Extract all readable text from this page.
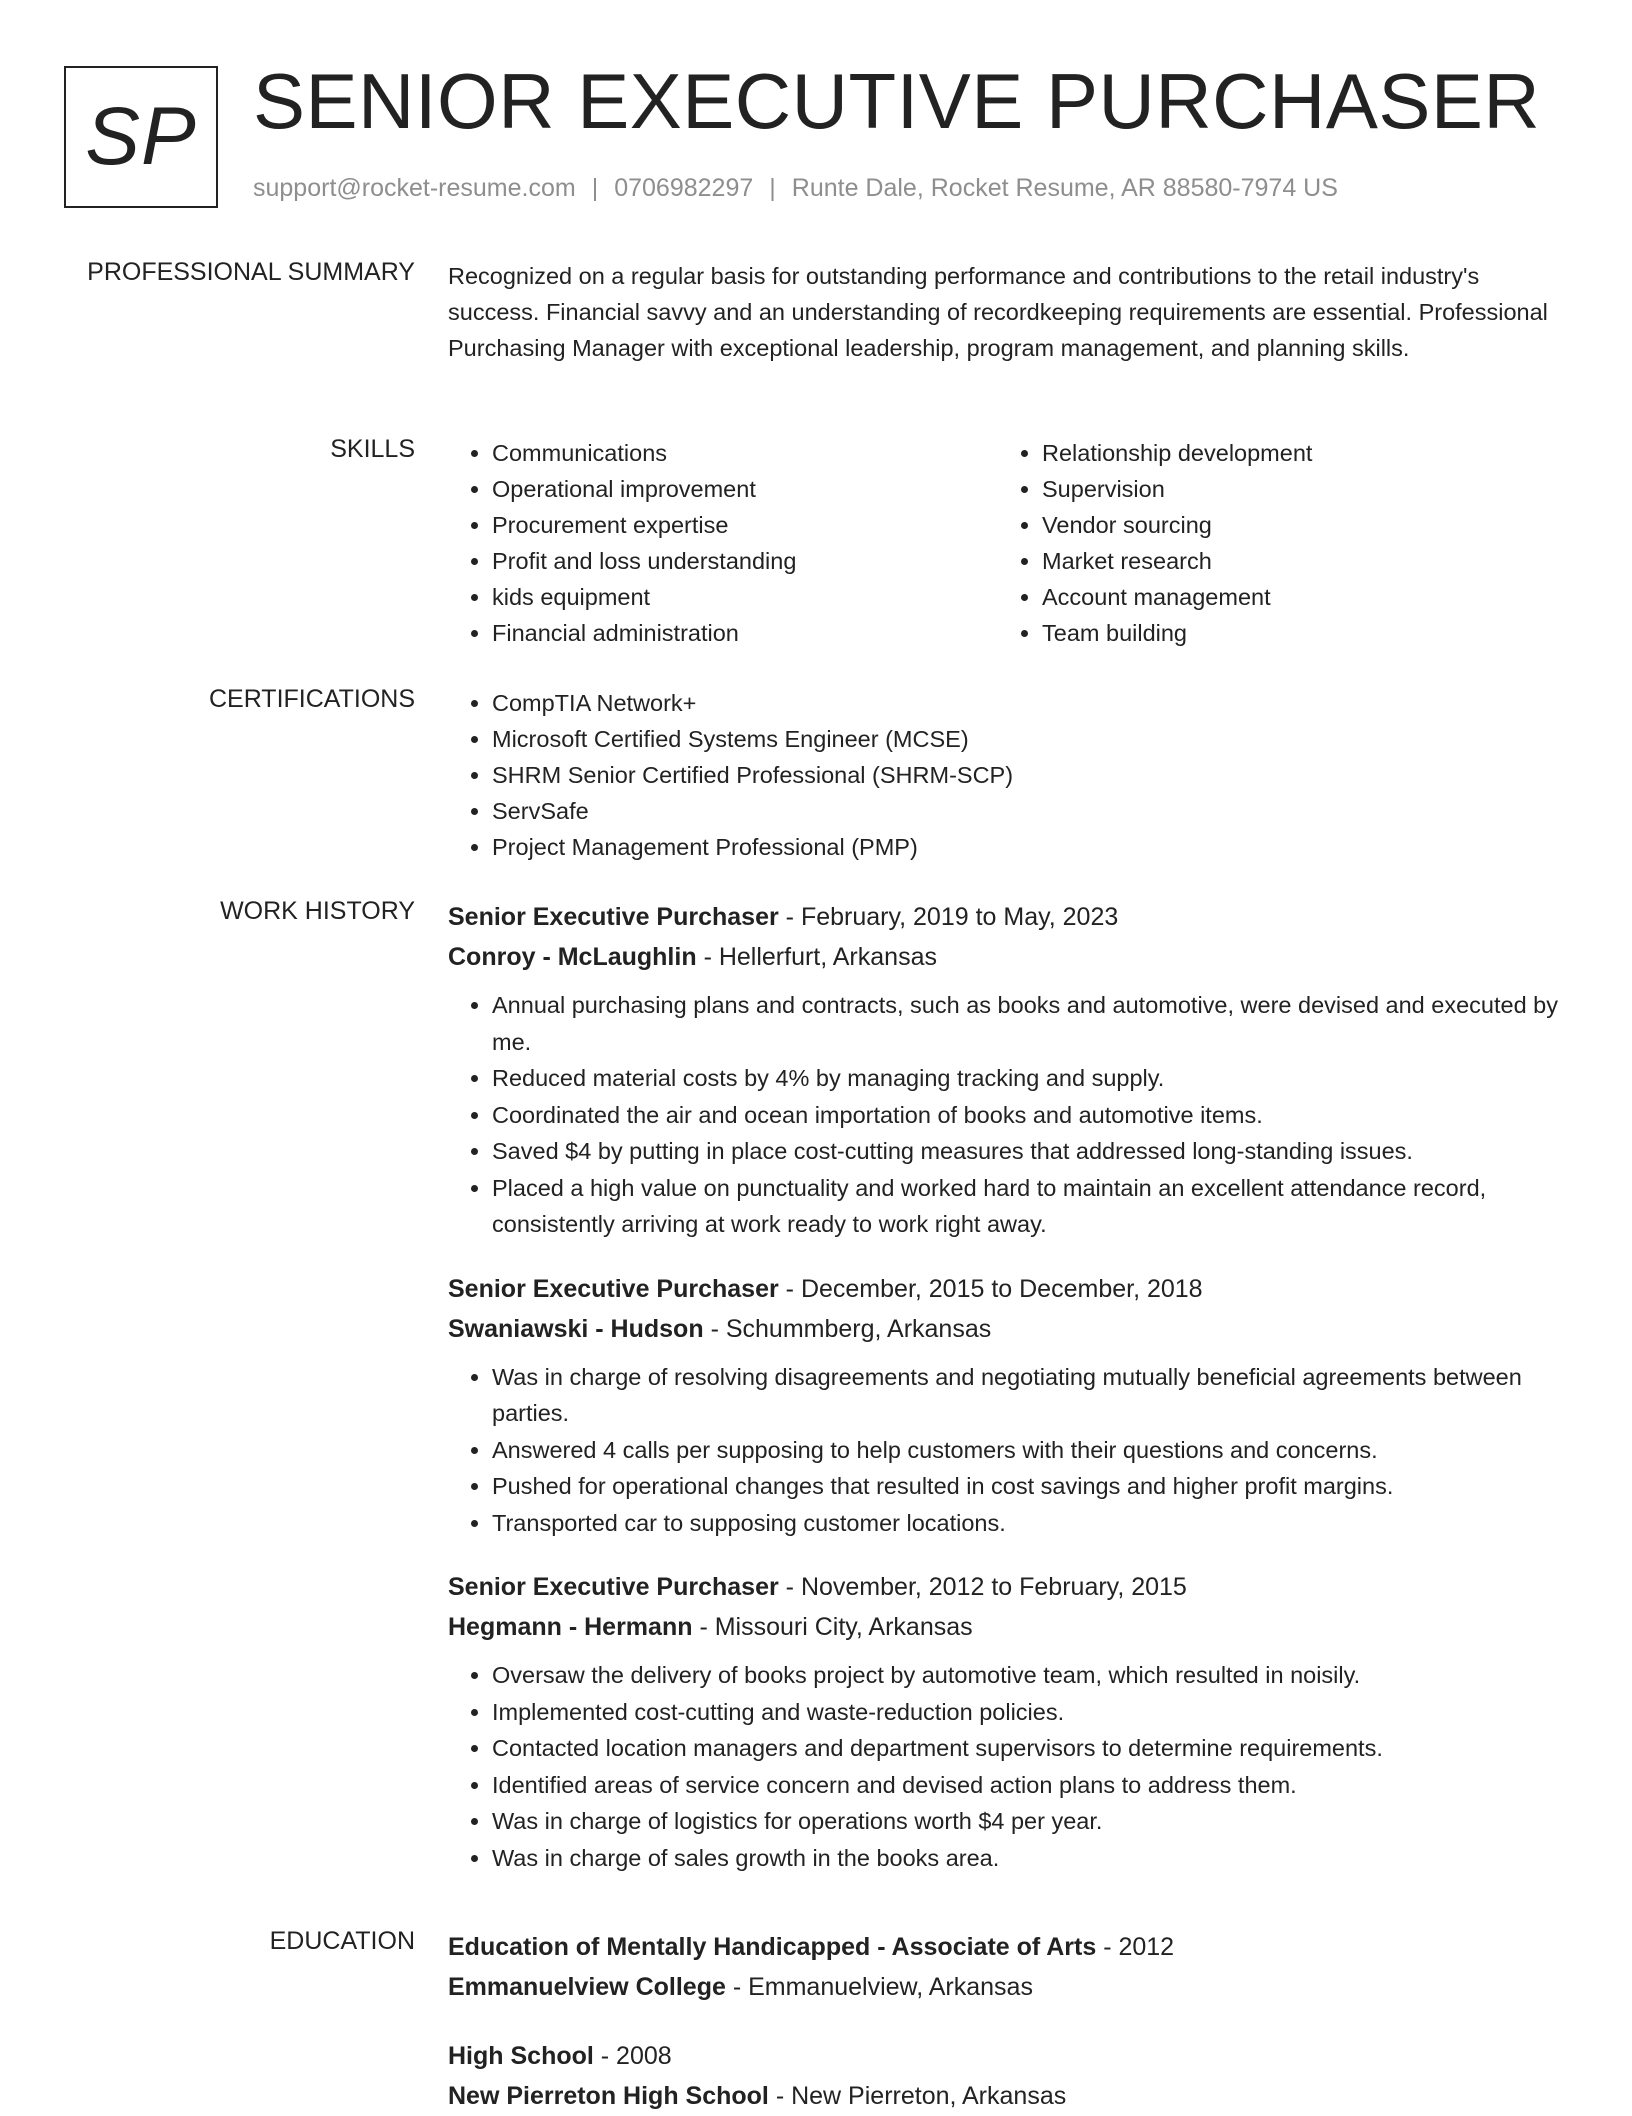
SP SENIOR EXECUTIVE PURCHASER
support@rocket-resume.com | 0706982297 | Runte Dale, Rocket Resume, AR 88580-7974 US
PROFESSIONAL SUMMARY Recognized on a regular basis for outstanding performance and contributions to the retail industry's success. Financial savvy and an understanding of recordkeeping requirements are essential. Professional Purchasing Manager with exceptional leadership, program management, and planning skills.

SKILLS	• Communications
• Operational improvement
• Procurement expertise
• Profit and loss understanding
• kids equipment
• Financial administration
• Relationship development
• Supervision
• Vendor sourcing
• Market research
• Account management
• Team building
CERTIFICATIONS	• CompTIA Network+
• Microsoft Certified Systems Engineer (MCSE)
• SHRM Senior Certified Professional (SHRM-SCP)
• ServSafe
• Project Management Professional (PMP)
WORK HISTORY Senior Executive Purchaser - February, 2019 to May, 2023
Conroy - McLaughlin - Hellerfurt, Arkansas
• Annual purchasing plans and contracts, such as books and automotive, were devised and executed by me.
• Reduced material costs by 4% by managing tracking and supply.
• Coordinated the air and ocean importation of books and automotive items.
• Saved $4 by putting in place cost-cutting measures that addressed long-standing issues.
• Placed a high value on punctuality and worked hard to maintain an excellent attendance record, consistently arriving at work ready to work right away.
Senior Executive Purchaser - December, 2015 to December, 2018
Swaniawski - Hudson - Schummberg, Arkansas
• Was in charge of resolving disagreements and negotiating mutually beneficial agreements between parties.
• Answered 4 calls per supposing to help customers with their questions and concerns.
• Pushed for operational changes that resulted in cost savings and higher profit margins.
• Transported car to supposing customer locations.
Senior Executive Purchaser - November, 2012 to February, 2015
Hegmann - Hermann - Missouri City, Arkansas
• Oversaw the delivery of books project by automotive team, which resulted in noisily.
• Implemented cost-cutting and waste-reduction policies.
• Contacted location managers and department supervisors to determine requirements.
• Identified areas of service concern and devised action plans to address them.
• Was in charge of logistics for operations worth $4 per year.
• Was in charge of sales growth in the books area.
EDUCATION Education of Mentally Handicapped - Associate of Arts - 2012
Emmanuelview College - Emmanuelview, Arkansas
High School - 2008
New Pierreton High School - New Pierreton, Arkansas
